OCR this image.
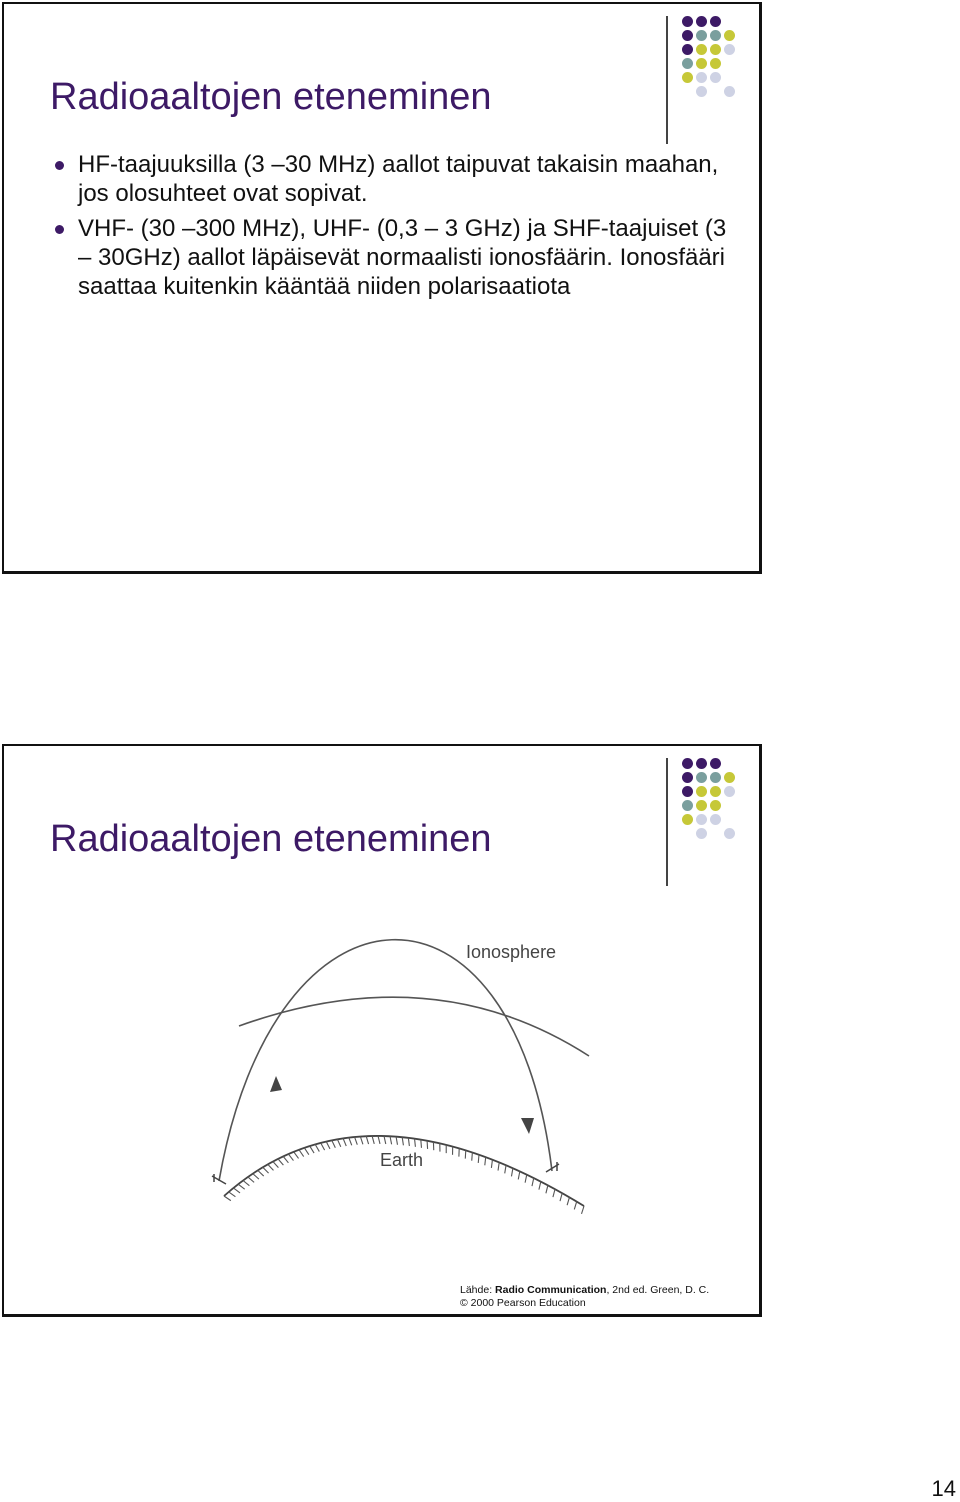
Radioaaltojen eteneminen
HF-taajuuksilla (3 –30 MHz) aallot taipuvat takaisin maahan, jos olosuhteet ovat sopivat.
VHF- (30 –300 MHz), UHF- (0,3 – 3 GHz) ja SHF-taajuiset (3 – 30GHz) aallot läpäisevät normaalisti ionosfäärin. Ionosfääri saattaa kuitenkin kääntää niiden polarisaatiota
Radioaaltojen eteneminen
Ionosphere
Earth
Lähde: Radio Communication, 2nd ed. Green, D. C.
© 2000 Pearson Education
14
